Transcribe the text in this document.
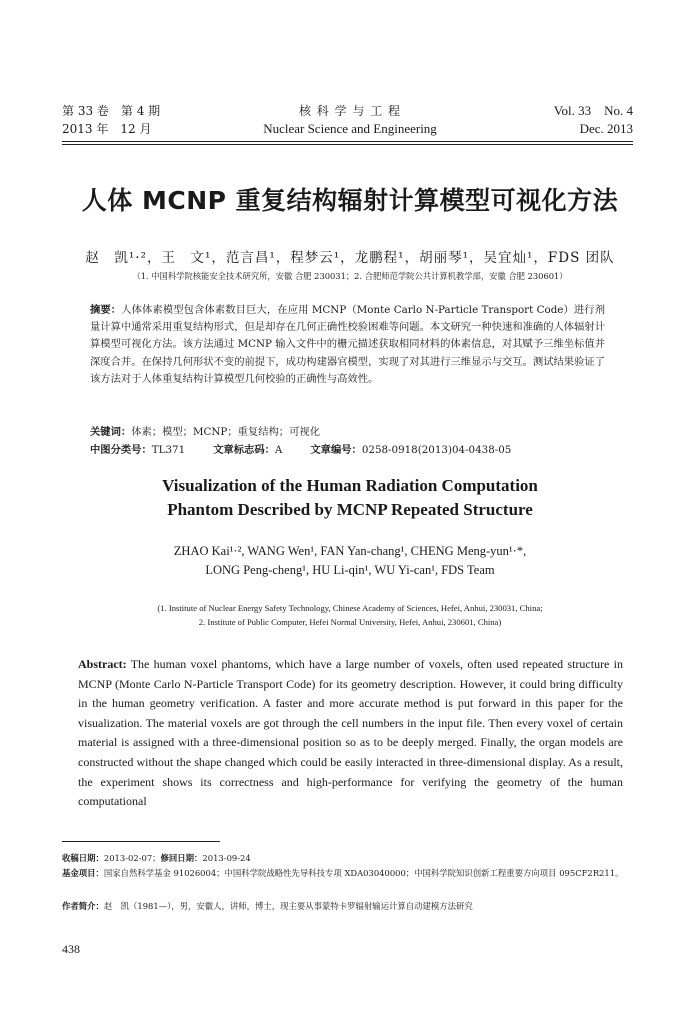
第 33 卷　第 4 期
2013 年　12 月
核 科 学 与 工 程
Nuclear Science and Engineering
Vol. 33　No. 4
Dec. 2013
人体 MCNP 重复结构辐射计算模型可视化方法
赵　凯¹·²，王　文¹，范言昌¹，程梦云¹，龙鹏程¹，胡丽琴¹，吴宜灿¹，FDS 团队
（1. 中国科学院核能安全技术研究所，安徽 合肥 230031；2. 合肥师范学院公共计算机教学部，安徽 合肥 230601）
摘要：人体体素模型包含体素数目巨大，在应用 MCNP（Monte Carlo N-Particle Transport Code）进行剂量计算中通常采用重复结构形式，但是却存在几何正确性校验困难等问题。本文研究一种快速和准确的人体辐射计算模型可视化方法。该方法通过 MCNP 输入文件中的栅元描述获取相同材料的体素信息，对其赋予三维坐标值并深度合并。在保持几何形状不变的前提下，成功构建器官模型，实现了对其进行三维显示与交互。测试结果验证了该方法对于人体重复结构计算模型几何校验的正确性与高效性。
关键词：体素；模型；MCNP；重复结构；可视化
中图分类号：TL371	文章标志码：A	文章编号：0258-0918(2013)04-0438-05
Visualization of the Human Radiation Computation
Phantom Described by MCNP Repeated Structure
ZHAO Kai¹·², WANG Wen¹, FAN Yan-chang¹, CHENG Meng-yun¹·*,
LONG Peng-cheng¹, HU Li-qin¹, WU Yi-can¹, FDS Team
(1. Institute of Nuclear Energy Safety Technology, Chinese Academy of Sciences, Hefei, Anhui, 230031, China;
2. Institute of Public Computer, Hefei Normal University, Hefei, Anhui, 230601, China)
Abstract: The human voxel phantoms, which have a large number of voxels, often used repeated structure in MCNP (Monte Carlo N-Particle Transport Code) for its geometry description. However, it could bring difficulty in the human geometry verification. A faster and more accurate method is put forward in this paper for the visualization. The material voxels are got through the cell numbers in the input file. Then every voxel of certain material is assigned with a three-dimensional position so as to be deeply merged. Finally, the organ models are constructed without the shape changed which could be easily interacted in three-dimensional display. As a result, the experiment shows its correctness and high-performance for verifying the geometry of the human computational
收稿日期：2013-02-07；修回日期：2013-09-24
基金项目：国家自然科学基金 91026004；中国科学院战略性先导科技专项 XDA03040000；中国科学院知识创新工程重要方向项目 095CF2R211。
作者简介：赵　凯（1981—），男，安徽人，讲师，博士，现主要从事蒙特卡罗辐射输运计算自动建模方法研究
438
